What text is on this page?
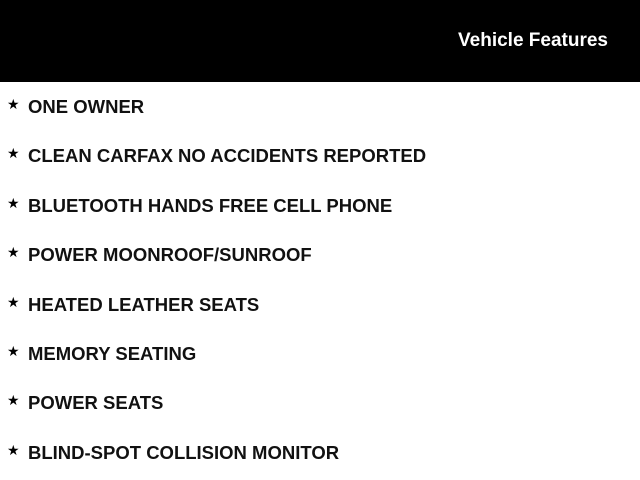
Vehicle Features
★ ONE OWNER
★ CLEAN CARFAX NO ACCIDENTS REPORTED
★ BLUETOOTH HANDS FREE CELL PHONE
★ POWER MOONROOF/SUNROOF
★ HEATED LEATHER SEATS
★ MEMORY SEATING
★ POWER SEATS
★ BLIND-SPOT COLLISION MONITOR
